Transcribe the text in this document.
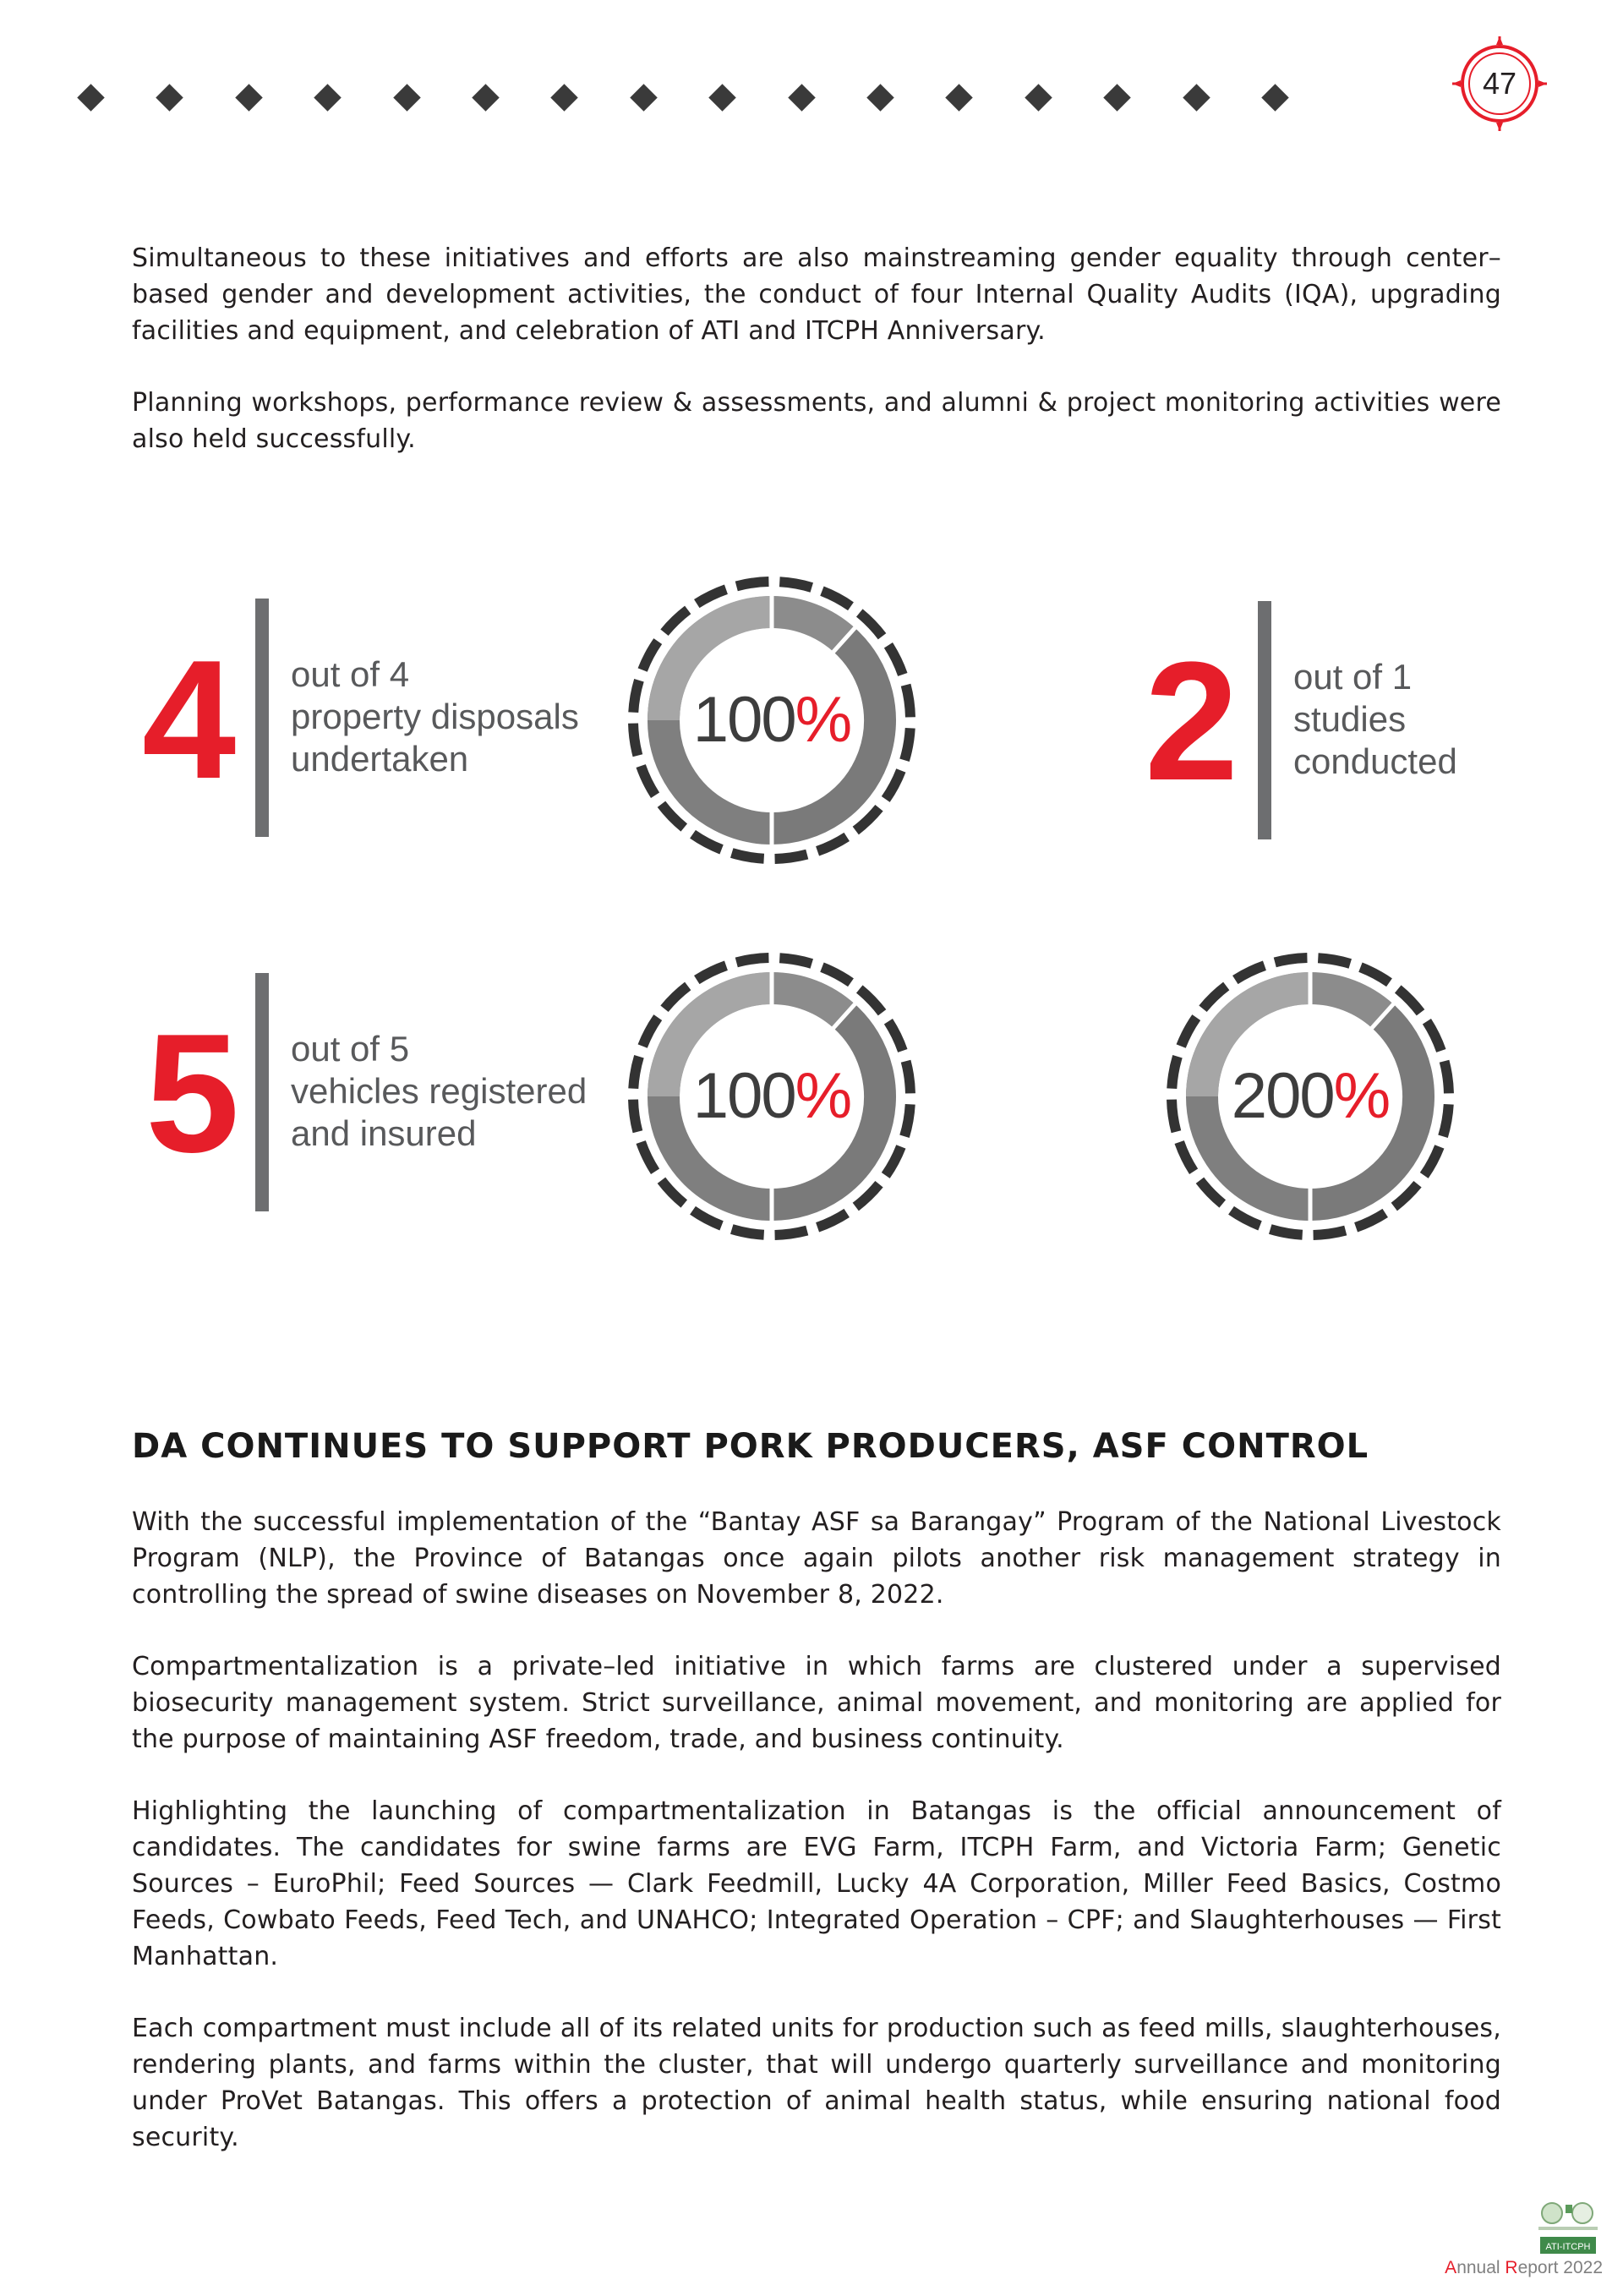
47

Simultaneous to these initiatives and efforts are also mainstreaming gender equality through center–based gender and development activities, the conduct of four Internal Quality Audits (IQA), upgrading facilities and equipment, and celebration of ATI and ITCPH Anniversary.

Planning workshops, performance review & assessments, and alumni & project monitoring activities were also held successfully.

4 out of 4
property disposals
undertaken

100%	2 out of 1
studies
conducted

5 out of 5
vehicles registered
and insured

100%	200%
DA CONTINUES TO SUPPORT PORK PRODUCERS, ASF CONTROL

With the successful implementation of the “Bantay ASF sa Barangay” Program of the National Livestock Program (NLP), the Province of Batangas once again pilots another risk management strategy in controlling the spread of swine diseases on November 8, 2022.

Compartmentalization is a private–led initiative in which farms are clustered under a supervised biosecurity management system. Strict surveillance, animal movement, and monitoring are applied for the purpose of maintaining ASF freedom, trade, and business continuity.

Highlighting the launching of compartmentalization in Batangas is the official announcement of candidates. The candidates for swine farms are EVG Farm, ITCPH Farm, and Victoria Farm; Genetic Sources – EuroPhil; Feed Sources — Clark Feedmill, Lucky 4A Corporation, Miller Feed Basics, Costmo Feeds, Cowbato Feeds, Feed Tech, and UNAHCO; Integrated Operation – CPF; and Slaughterhouses — First Manhattan.

Each compartment must include all of its related units for production such as feed mills, slaughterhouses, rendering plants, and farms within the cluster, that will undergo quarterly surveillance and monitoring under ProVet Batangas. This offers a protection of animal health status, while ensuring national food security.

ATI-ITCPH
Annual Report 2022
